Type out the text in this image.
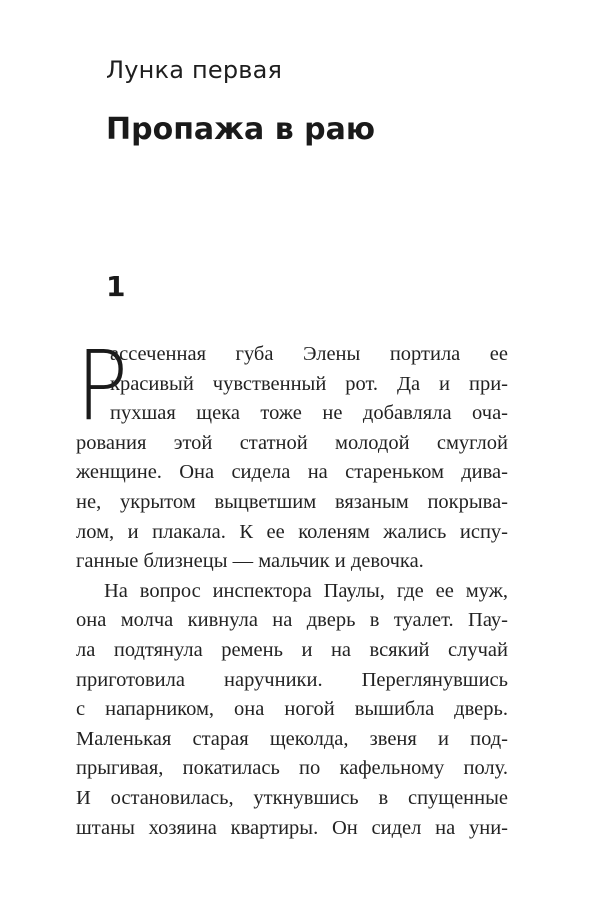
Лунка первая
Пропажа в раю
1
Р
ассеченная губа Элены портила ее
красивый чувственный рот. Да и при-
пухшая щека тоже не добавляла оча-
рования этой статной молодой смуглой
женщине. Она сидела на стареньком дива-
не, укрытом выцветшим вязаным покрыва-
лом, и плакала. К ее коленям жались испу-
ганные близнецы — мальчик и девочка.
На вопрос инспектора Паулы, где ее муж,
она молча кивнула на дверь в туалет. Пау-
ла подтянула ремень и на всякий случай
приготовила наручники. Переглянувшись
с напарником, она ногой вышибла дверь.
Маленькая старая щеколда, звеня и под-
прыгивая, покатилась по кафельному полу.
И остановилась, уткнувшись в спущенные
штаны хозяина квартиры. Он сидел на уни-
